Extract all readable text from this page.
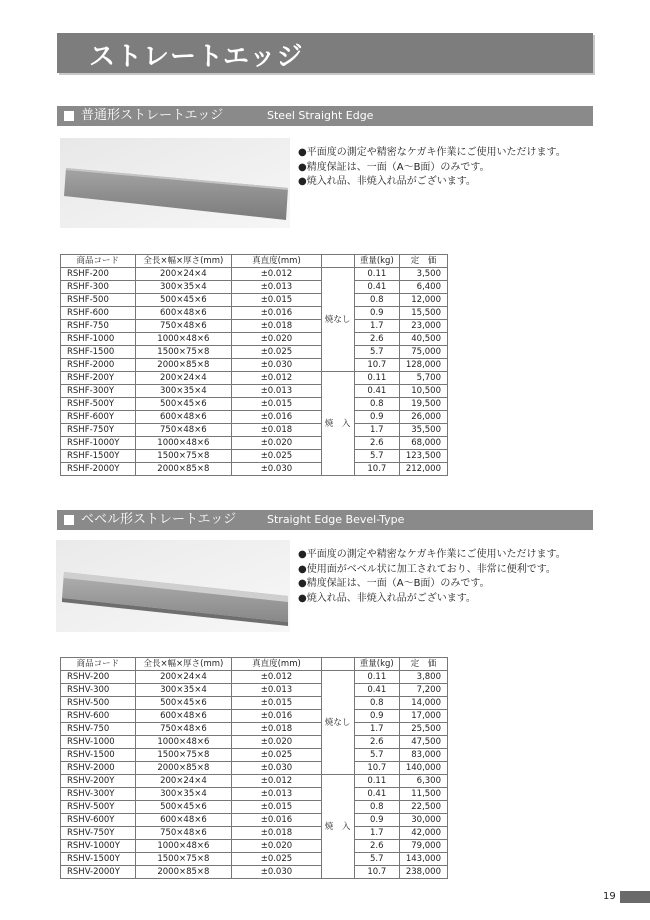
ストレートエッジ
普通形ストレートエッジ	Steel Straight Edge
●平面度の測定や精密なケガキ作業にご使用いただけます。
●精度保証は、一面（A〜B面）のみです。
●焼入れ品、非焼入れ品がございます。
商品コード	全長×幅×厚さ(mm)	真直度(mm)		重量(kg)	定　価
RSHF-200	200×24×4	±0.012	焼なし	0.11	3,500
RSHF-300	300×35×4	±0.013		0.41	6,400
RSHF-500	500×45×6	±0.015		0.8	12,000
RSHF-600	600×48×6	±0.016		0.9	15,500
RSHF-750	750×48×6	±0.018		1.7	23,000
RSHF-1000	1000×48×6	±0.020		2.6	40,500
RSHF-1500	1500×75×8	±0.025		5.7	75,000
RSHF-2000	2000×85×8	±0.030		10.7	128,000
RSHF-200Y	200×24×4	±0.012	焼　入	0.11	5,700
RSHF-300Y	300×35×4	±0.013		0.41	10,500
RSHF-500Y	500×45×6	±0.015		0.8	19,500
RSHF-600Y	600×48×6	±0.016		0.9	26,000
RSHF-750Y	750×48×6	±0.018		1.7	35,500
RSHF-1000Y	1000×48×6	±0.020		2.6	68,000
RSHF-1500Y	1500×75×8	±0.025		5.7	123,500
RSHF-2000Y	2000×85×8	±0.030		10.7	212,000
ベベル形ストレートエッジ	Straight Edge Bevel-Type
●平面度の測定や精密なケガキ作業にご使用いただけます。
●使用面がベベル状に加工されており、非常に便利です。
●精度保証は、一面（A〜B面）のみです。
●焼入れ品、非焼入れ品がございます。
商品コード	全長×幅×厚さ(mm)	真直度(mm)		重量(kg)	定　価
RSHV-200	200×24×4	±0.012	焼なし	0.11	3,800
RSHV-300	300×35×4	±0.013		0.41	7,200
RSHV-500	500×45×6	±0.015		0.8	14,000
RSHV-600	600×48×6	±0.016		0.9	17,000
RSHV-750	750×48×6	±0.018		1.7	25,500
RSHV-1000	1000×48×6	±0.020		2.6	47,500
RSHV-1500	1500×75×8	±0.025		5.7	83,000
RSHV-2000	2000×85×8	±0.030		10.7	140,000
RSHV-200Y	200×24×4	±0.012	焼　入	0.11	6,300
RSHV-300Y	300×35×4	±0.013		0.41	11,500
RSHV-500Y	500×45×6	±0.015		0.8	22,500
RSHV-600Y	600×48×6	±0.016		0.9	30,000
RSHV-750Y	750×48×6	±0.018		1.7	42,000
RSHV-1000Y	1000×48×6	±0.020		2.6	79,000
RSHV-1500Y	1500×75×8	±0.025		5.7	143,000
RSHV-2000Y	2000×85×8	±0.030		10.7	238,000
19
